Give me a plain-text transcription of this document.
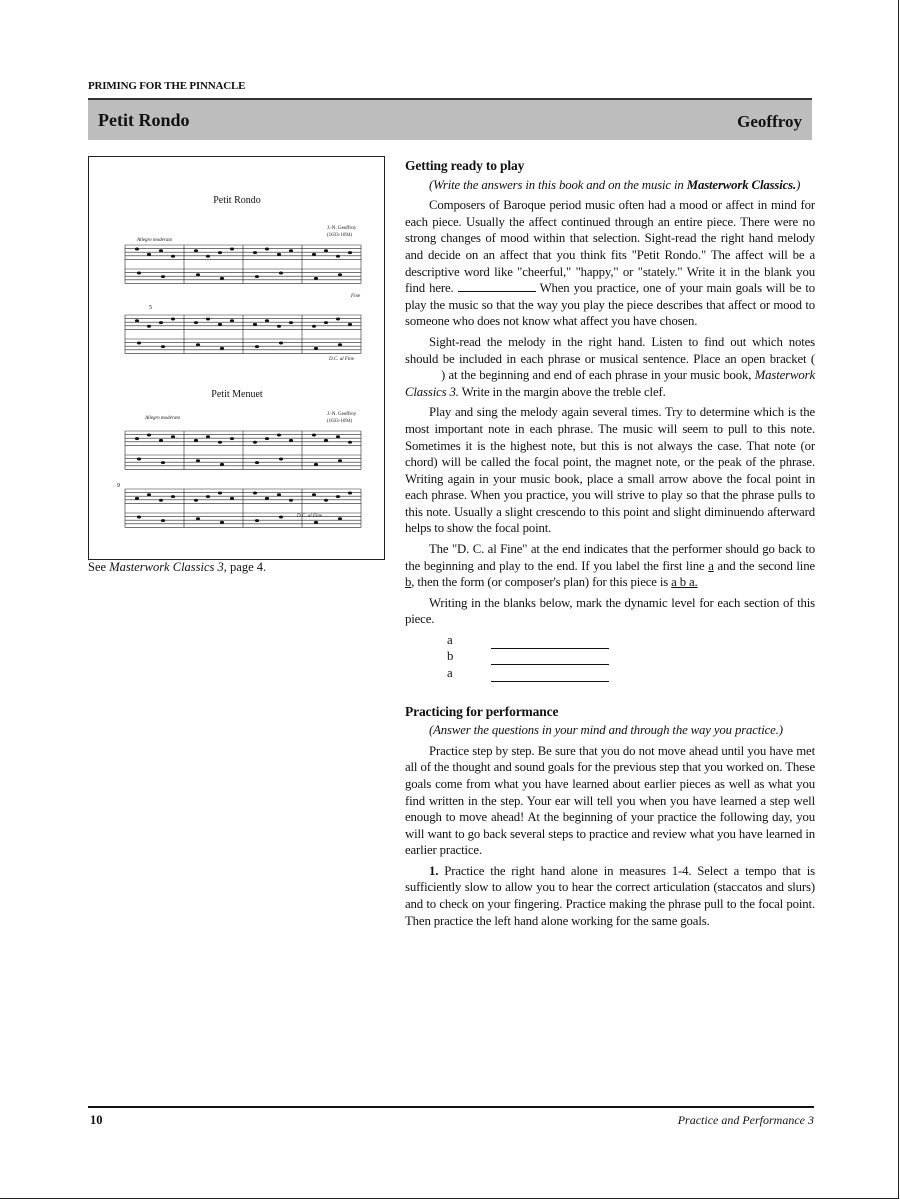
PRIMING FOR THE PINNACLE
Petit Rondo	Geoffroy
Petit Rondo
J.-N. Geoffroy
(1633-1694)
Allegro moderato
Fine
D.C. al Fine
5
Petit Menuet
J.-N. Geoffroy
(1633-1694)
Allegro moderato
D.C. al Fine
9
See Masterwork Classics 3, page 4.
Getting ready to play

(Write the answers in this book and on the music in Masterwork Classics.)

Composers of Baroque period music often had a mood or affect in mind for each piece. Usually the affect continued through an entire piece. There were no strong changes of mood within that selection. Sight-read the right hand melody and decide on an affect that you think fits "Petit Rondo." The affect will be a descriptive word like "cheerful," "happy," or "stately." Write it in the blank you find here.	When you practice, one of your main goals will be to play the music so that the way you play the piece describes that affect or mood to someone who does not know what affect you have chosen.

Sight-read the melody in the right hand. Listen to find out which notes should be included in each phrase or musical sentence. Place an open bracket () at the beginning and end of each phrase in your music book, Masterwork Classics 3. Write in the margin above the treble clef.

Play and sing the melody again several times. Try to determine which is the most important note in each phrase. The music will seem to pull to this note. Sometimes it is the highest note, but this is not always the case. That note (or chord) will be called the focal point, the magnet note, or the peak of the phrase. Writing again in your music book, place a small arrow above the focal point in each phrase. When you practice, you will strive to play so that the phrase pulls to this note. Usually a slight crescendo to this point and slight diminuendo afterward helps to show the focal point.

The "D. C. al Fine" at the end indicates that the performer should go back to the beginning and play to the end. If you label the first line a and the second line b, then the form (or composer's plan) for this piece is a b a.

Writing in the blanks below, mark the dynamic level for each section of this piece.

a
b
a
Practicing for performance

(Answer the questions in your mind and through the way you practice.)

Practice step by step. Be sure that you do not move ahead until you have met all of the thought and sound goals for the previous step that you worked on. These goals come from what you have learned about earlier pieces as well as what you find written in the step. Your ear will tell you when you have learned a step well enough to move ahead! At the beginning of your practice the following day, you will want to go back several steps to practice and review what you have learned in earlier practice.

1. Practice the right hand alone in measures 1-4. Select a tempo that is sufficiently slow to allow you to hear the correct articulation (staccatos and slurs) and to check on your fingering. Practice making the phrase pull to the focal point. Then practice the left hand alone working for the same goals.

10	Practice and Performance 3
